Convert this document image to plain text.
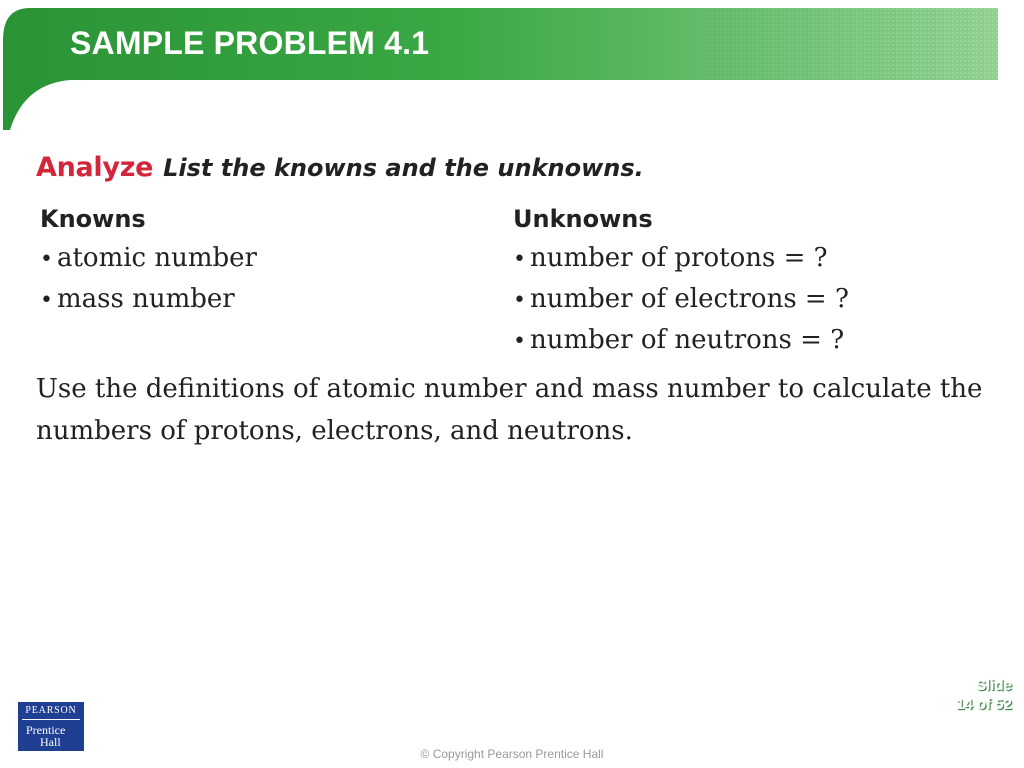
SAMPLE PROBLEM 4.1
Analyze List the knowns and the unknowns.
Knowns
• atomic number
• mass number
Unknowns
• number of protons = ?
• number of electrons = ?
• number of neutrons = ?

Use the definitions of atomic number and mass number to calculate the numbers of protons, electrons, and neutrons.

PEARSON
Prentice
Hall
Slide
14 of 52
© Copyright Pearson Prentice Hall
